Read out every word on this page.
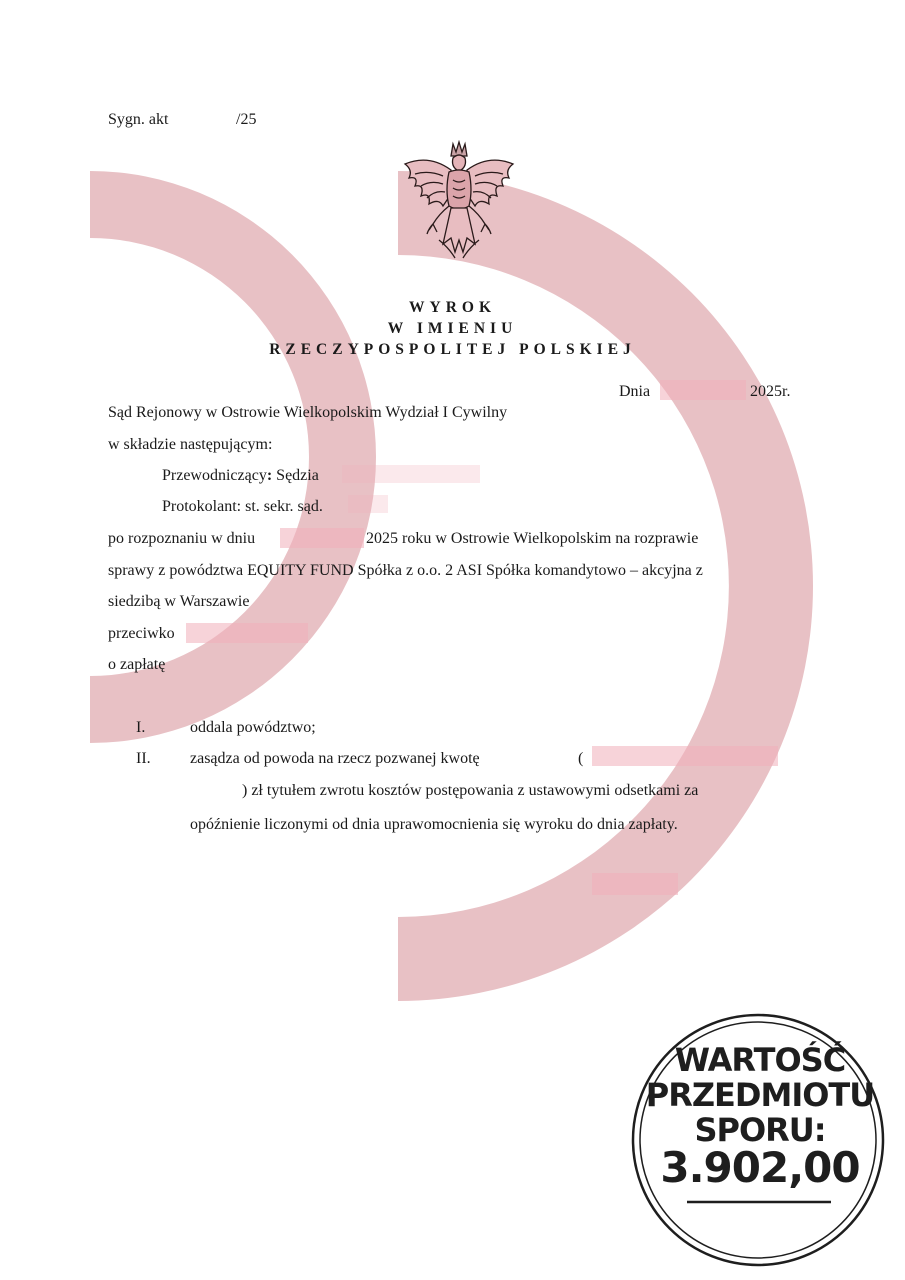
Sygn. akt	/25
WYROK
W IMIENIU
RZECZYPOSPOLITEJ POLSKIEJ
Dnia	2025r.
Sąd Rejonowy w Ostrowie Wielkopolskim Wydział I Cywilny
w składzie następującym:
Przewodniczący: Sędzia
Protokolant: st. sekr. sąd.
po rozpoznaniu w dniu	2025 roku w Ostrowie Wielkopolskim na rozprawie
sprawy z powództwa EQUITY FUND Spółka z o.o. 2 ASI Spółka komandytowo – akcyjna z
siedzibą w Warszawie
przeciwko
o zapłatę
I.	oddala powództwo;
II. zasądza od powoda na rzecz pozwanej kwotę	(
) zł tytułem zwrotu kosztów postępowania z ustawowymi odsetkami za
opóźnienie liczonymi od dnia uprawomocnienia się wyroku do dnia zapłaty.
WARTOŚĆ
PRZEDMIOTU
SPORU:
3.902,00
